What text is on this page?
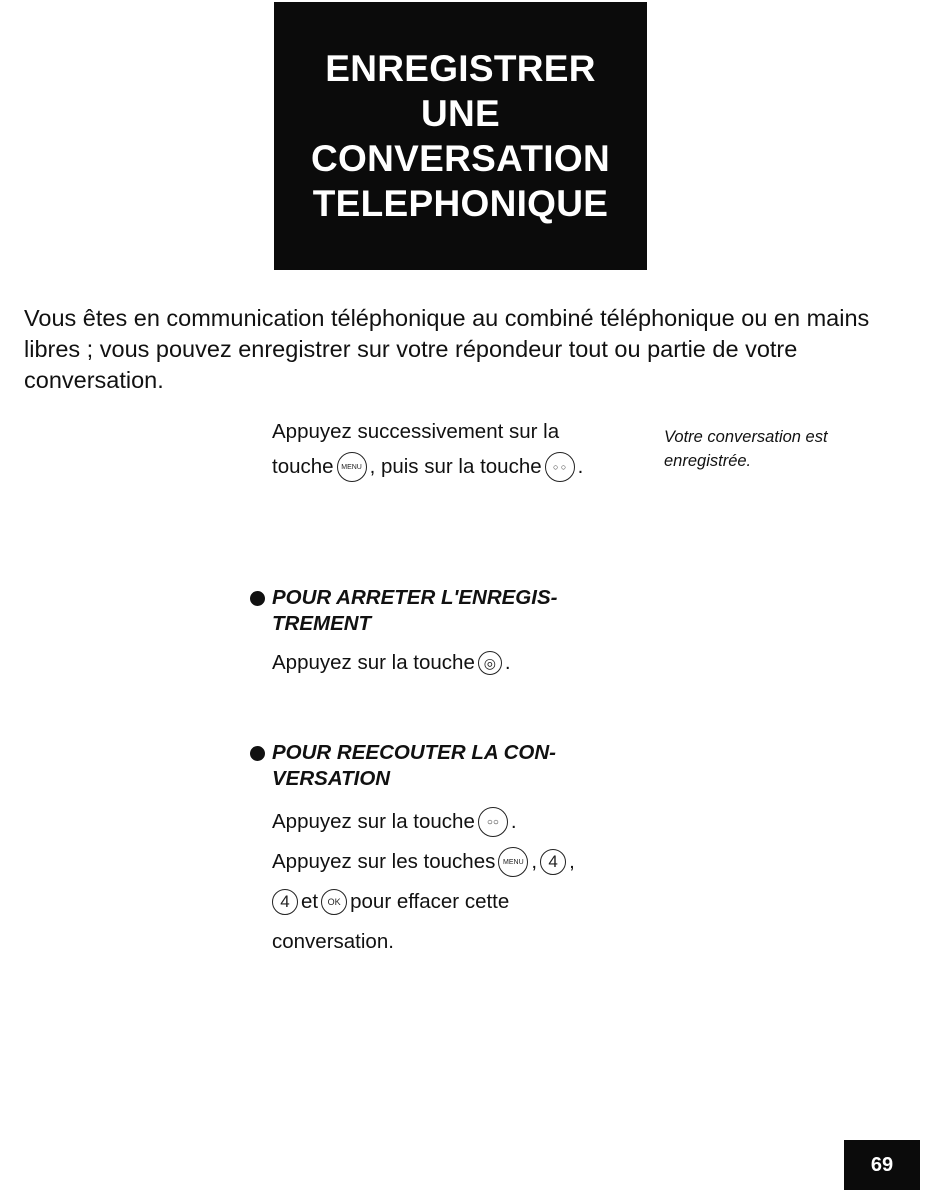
ENREGISTRER
UNE
CONVERSATION
TELEPHONIQUE

Vous êtes en communication téléphonique au combiné téléphonique ou en mains libres ; vous pouvez enregistrer sur votre répondeur tout ou partie de votre conversation.

Appuyez successivement sur la
touche	MENU , puis sur la touche	○ ○ .

Votre conversation est enregistrée.

POUR ARRETER L'ENREGIS-
TREMENT
Appuyez sur la touche ◎ .
POUR REECOUTER LA CON-
VERSATION
Appuyez sur la touche	○○ .
Appuyez sur les touches	MENU , 4 ,
4 et	OK pour effacer cette
conversation.
69
